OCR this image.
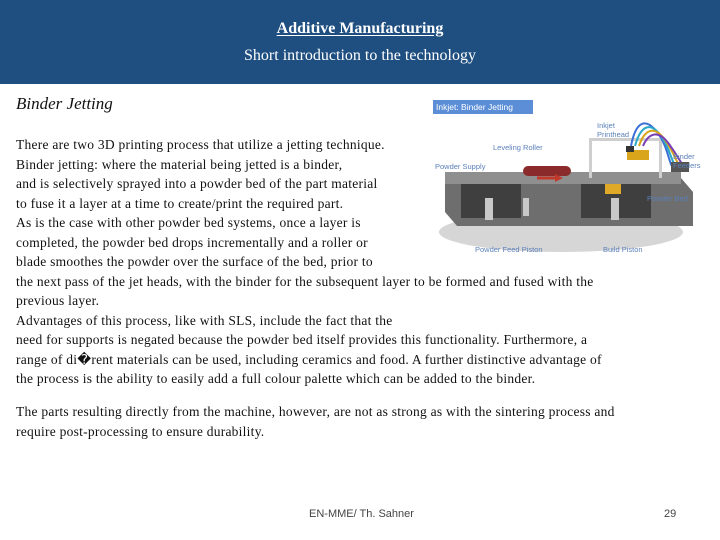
Additive Manufacturing
Short introduction to the technology
Binder Jetting	Inkjet: Binder Jetting
Inkjet
Printhead
Leveling Roller
Powder Supply
Binder
Feeders
Powder Bed
Powder Feed Piston	Build Piston
There are two 3D printing process that utilize a jetting technique.
Binder jetting: where the material being jetted is a binder,
and is selectively sprayed into a powder bed of the part material
to fuse it a layer at a time to create/print the required part.
As is the case with other powder bed systems, once a layer is
completed, the powder bed drops incrementally and a roller or
blade smoothes the powder over the surface of the bed, prior to
the next pass of the jet heads, with the binder for the subsequent layer to be formed and fused with the
previous layer.
Advantages of this process, like with SLS, include the fact that the
need for supports is negated because the powder bed itself provides this functionality. Furthermore, a
range of di�rent materials can be used, including ceramics and food. A further distinctive advantage of
the process is the ability to easily add a full colour palette which can be added to the binder.
The parts resulting directly from the machine, however, are not as strong as with the sintering process and
require post-processing to ensure durability.
EN-MME/ Th. Sahner	29
